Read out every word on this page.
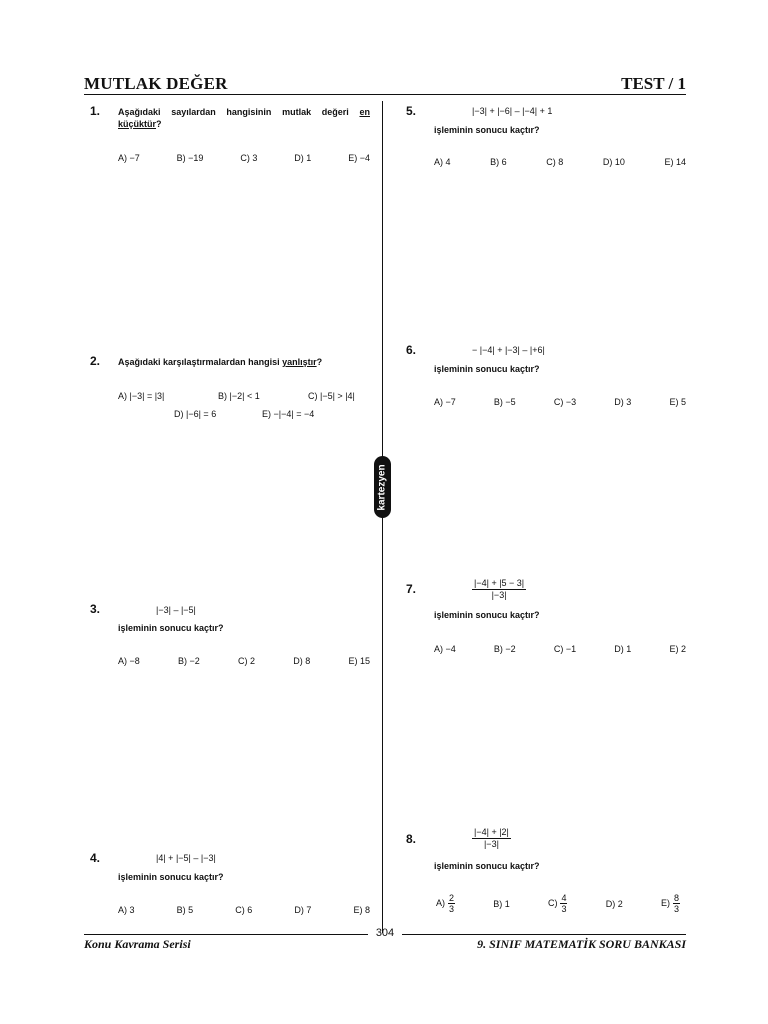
MUTLAK DEĞER	TEST / 1
kartezyen
1. Aşağıdaki sayılardan hangisinin mutlak değeri en küçüktür?
A) −7	B) −19	C) 3	D) 1	E) −4
2. Aşağıdaki karşılaştırmalardan hangisi yanlıştır?
A) |−3| = |3|	B) |−2| < 1	C) |−5| > |4|
D) |−6| = 6	E) −|−4| = −4
3.	|−3| – |−5|
işleminin sonucu kaçtır?
A) −8	B) −2	C) 2	D) 8	E) 15
4.	|4| + |−5| – |−3|
işleminin sonucu kaçtır?
A) 3	B) 5	C) 6	D) 7	E) 8
5.	|−3| + |−6| – |−4| + 1
işleminin sonucu kaçtır?
A) 4	B) 6	C) 8	D) 10	E) 14
6.	− |−4| + |−3| – |+6|
işleminin sonucu kaçtır?
A) −7	B) −5	C) −3	D) 3	E) 5
7.	$\frac{|-4| + |5 - 3|}{|-3|}$
işleminin sonucu kaçtır?
A) −4	B) −2	C) −1	D) 1	E) 2
8.	$\frac{|-4| + |2|}{|-3|}$
işleminin sonucu kaçtır?
$A) \frac{2}{3}$	B) 1	$C) \frac{4}{3}$	D) 2	$E) \frac{8}{3}$
304
Konu Kavrama Serisi	9. SINIF MATEMATİK SORU BANKASI
